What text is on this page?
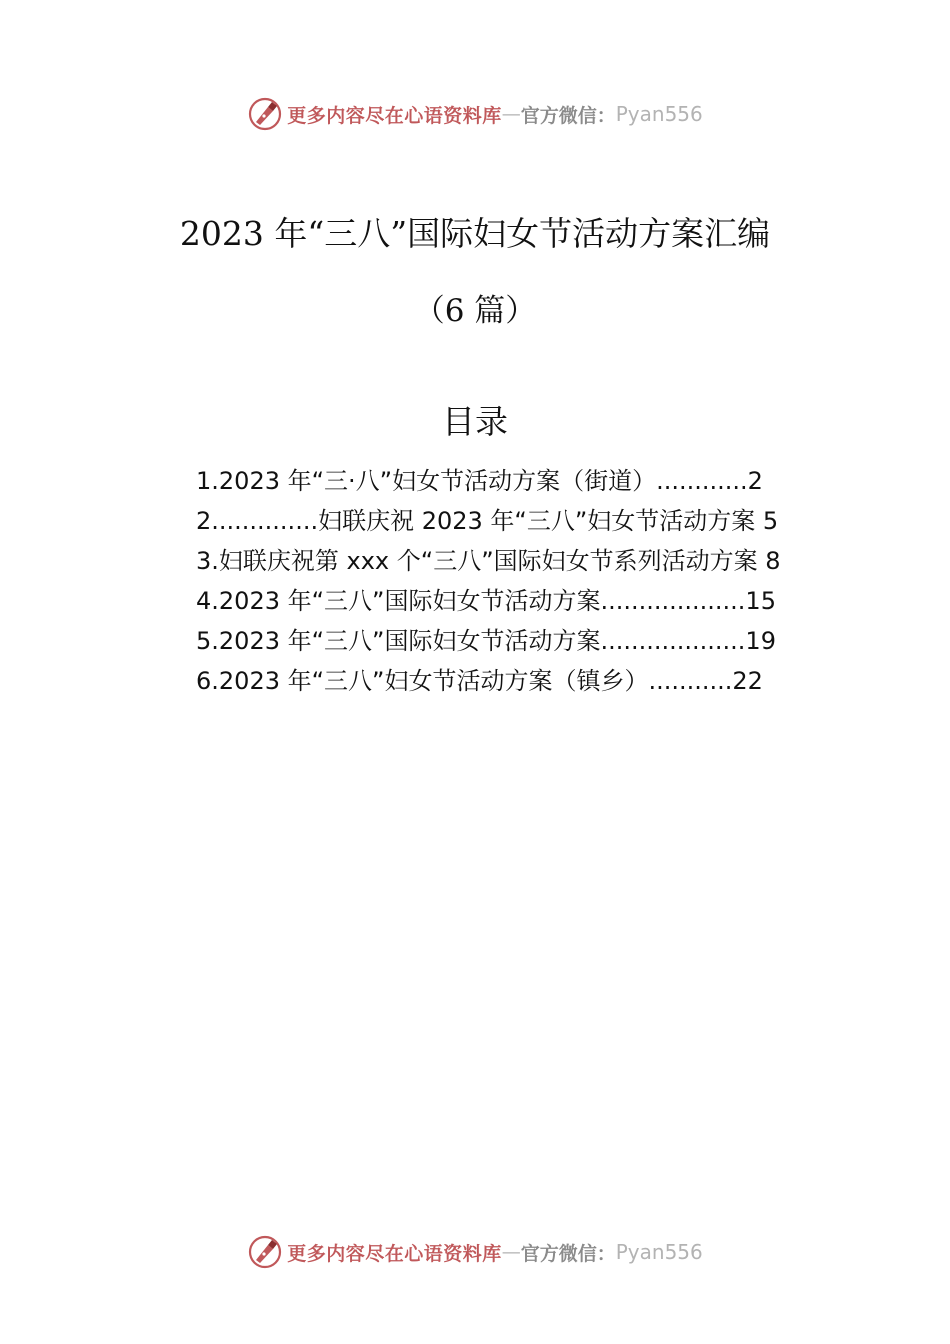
更多内容尽在心语资料库 — 官方微信： Pyan556
2023 年“三八”国际妇女节活动方案汇编
（6 篇）
目录
1.2023 年“三·八”妇女节活动方案（街道）............2
2..............妇联庆祝 2023 年“三八”妇女节活动方案 5
3.妇联庆祝第 xxx 个“三八”国际妇女节系列活动方案 8
4.2023 年“三八”国际妇女节活动方案...................15
5.2023 年“三八”国际妇女节活动方案...................19
6.2023 年“三八”妇女节活动方案（镇乡）...........22
更多内容尽在心语资料库 — 官方微信： Pyan556
